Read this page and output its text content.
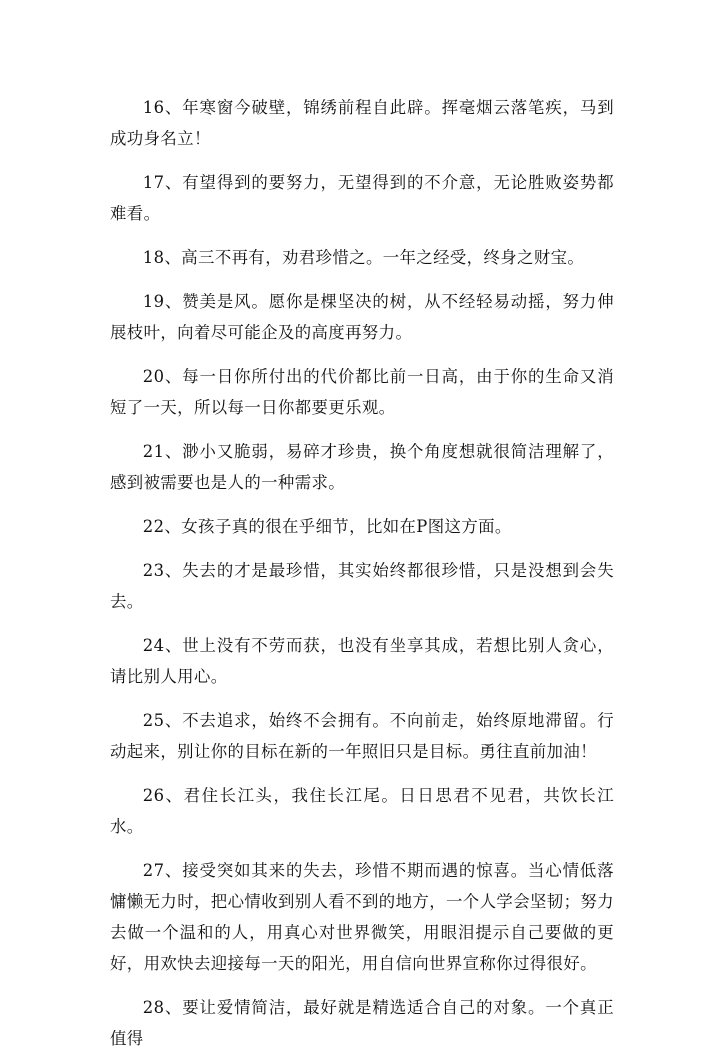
16、年寒窗今破壁，锦绣前程自此辟。挥毫烟云落笔疾，马到成功身名立！

17、有望得到的要努力，无望得到的不介意，无论胜败姿势都难看。

18、高三不再有，劝君珍惜之。一年之经受，终身之财宝。

19、赞美是风。愿你是棵坚决的树，从不经轻易动摇，努力伸展枝叶，向着尽可能企及的高度再努力。

20、每一日你所付出的代价都比前一日高，由于你的生命又消短了一天，所以每一日你都要更乐观。

21、渺小又脆弱，易碎才珍贵，换个角度想就很简洁理解了，感到被需要也是人的一种需求。

22、女孩子真的很在乎细节，比如在P图这方面。

23、失去的才是最珍惜，其实始终都很珍惜，只是没想到会失去。

24、世上没有不劳而获，也没有坐享其成，若想比别人贪心，请比别人用心。

25、不去追求，始终不会拥有。不向前走，始终原地滞留。行动起来，别让你的目标在新的一年照旧只是目标。勇往直前加油！

26、君住长江头，我住长江尾。日日思君不见君，共饮长江水。

27、接受突如其来的失去，珍惜不期而遇的惊喜。当心情低落慵懒无力时，把心情收到别人看不到的地方，一个人学会坚韧；努力去做一个温和的人，用真心对世界微笑，用眼泪提示自己要做的更好，用欢快去迎接每一天的阳光，用自信向世界宣称你过得很好。

28、要让爱情简洁，最好就是精选适合自己的对象。一个真正值得
